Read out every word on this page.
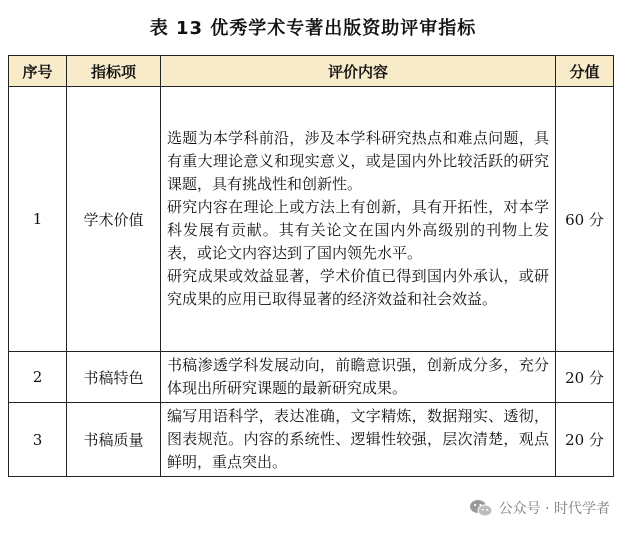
表 13 优秀学术专著出版资助评审指标
序号	指标项	评价内容	分值
1	学术价值	选题为本学科前沿，涉及本学科研究热点和难点问题，具有重大理论意义和现实意义，或是国内外比较活跃的研究课题，具有挑战性和创新性。

研究内容在理论上或方法上有创新，具有开拓性，对本学科发展有贡献。其有关论文在国内外高级别的刊物上发表，或论文内容达到了国内领先水平。

研究成果或效益显著，学术价值已得到国内外承认，或研究成果的应用已取得显著的经济效益和社会效益。	60 分
2	书稿特色	书稿渗透学科发展动向，前瞻意识强，创新成分多，充分体现出所研究课题的最新研究成果。	20 分
3	书稿质量	编写用语科学，表达准确，文字精炼，数据翔实、透彻，图表规范。内容的系统性、逻辑性较强，层次清楚，观点鲜明，重点突出。	20 分
公众号 · 时代学者
